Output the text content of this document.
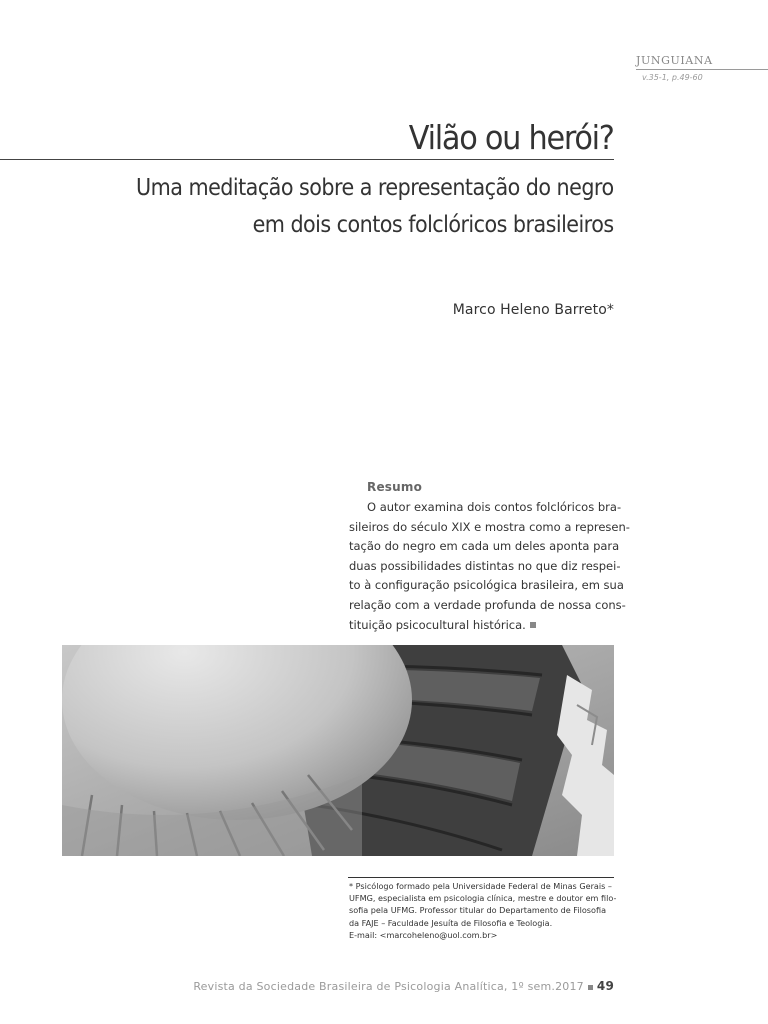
JUNGUIANA
v.35-1, p.49-60
Vilão ou herói?
Uma meditação sobre a representação do negro
em dois contos folclóricos brasileiros
Marco Heleno Barreto*
Resumo

O autor examina dois contos folclóricos bra-
sileiros do século XIX e mostra como a represen-
tação do negro em cada um deles aponta para
duas possibilidades distintas no que diz respei-
to à configuração psicológica brasileira, em sua
relação com a verdade profunda de nossa cons-
tituição psicocultural histórica.

* Psicólogo formado pela Universidade Federal de Minas Gerais –
UFMG, especialista em psicologia clínica, mestre e doutor em filo-
sofia pela UFMG. Professor titular do Departamento de Filosofia
da FAJE – Faculdade Jesuíta de Filosofia e Teologia.
E-mail: <marcoheleno@uol.com.br>
Revista da Sociedade Brasileira de Psicologia Analítica, 1º sem.2017 49
